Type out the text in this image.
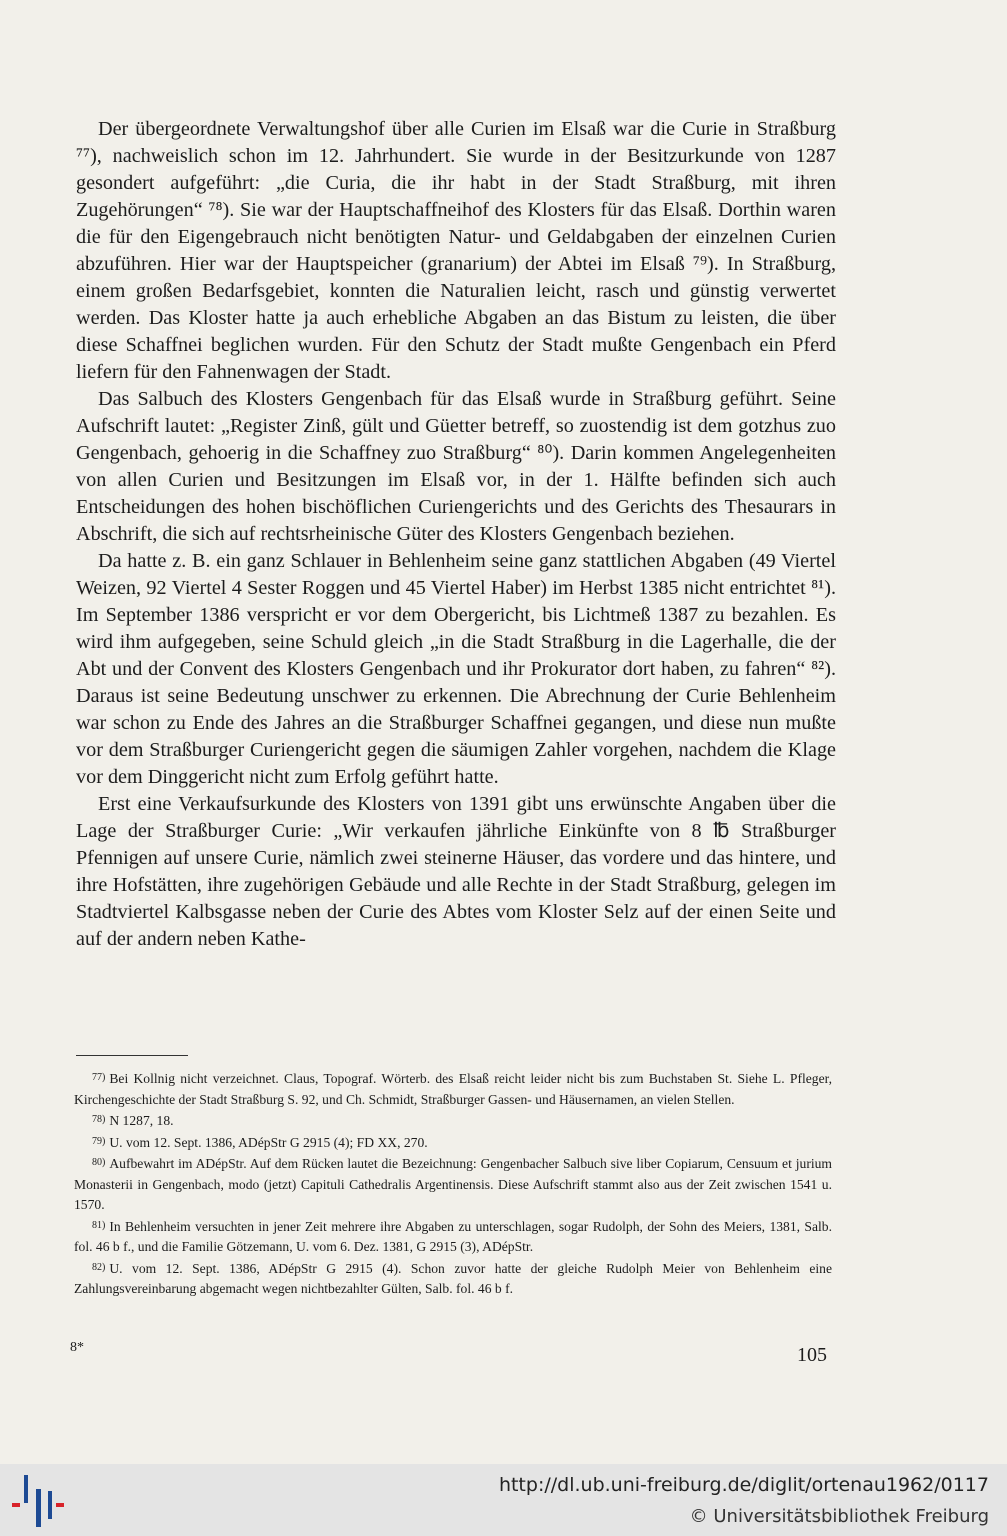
Der übergeordnete Verwaltungshof über alle Curien im Elsaß war die Curie in Straßburg ⁷⁷), nachweislich schon im 12. Jahrhundert. Sie wurde in der Besitzurkunde von 1287 gesondert aufgeführt: „die Curia, die ihr habt in der Stadt Straßburg, mit ihren Zugehörungen“ ⁷⁸). Sie war der Hauptschaffneihof des Klosters für das Elsaß. Dorthin waren die für den Eigengebrauch nicht benötigten Natur- und Geldabgaben der einzelnen Curien abzuführen. Hier war der Hauptspeicher (granarium) der Abtei im Elsaß ⁷⁹). In Straßburg, einem großen Bedarfsgebiet, konnten die Naturalien leicht, rasch und günstig verwertet werden. Das Kloster hatte ja auch erhebliche Abgaben an das Bistum zu leisten, die über diese Schaffnei beglichen wurden. Für den Schutz der Stadt mußte Gengenbach ein Pferd liefern für den Fahnenwagen der Stadt.

Das Salbuch des Klosters Gengenbach für das Elsaß wurde in Straßburg geführt. Seine Aufschrift lautet: „Register Zinß, gült und Güetter betreff, so zuostendig ist dem gotzhus zuo Gengenbach, gehoerig in die Schaffney zuo Straßburg“ ⁸⁰). Darin kommen Angelegenheiten von allen Curien und Besitzungen im Elsaß vor, in der 1. Hälfte befinden sich auch Entscheidungen des hohen bischöflichen Curiengerichts und des Gerichts des Thesaurars in Abschrift, die sich auf rechtsrheinische Güter des Klosters Gengenbach beziehen.

Da hatte z. B. ein ganz Schlauer in Behlenheim seine ganz stattlichen Abgaben (49 Viertel Weizen, 92 Viertel 4 Sester Roggen und 45 Viertel Haber) im Herbst 1385 nicht entrichtet ⁸¹). Im September 1386 verspricht er vor dem Obergericht, bis Lichtmeß 1387 zu bezahlen. Es wird ihm aufgegeben, seine Schuld gleich „in die Stadt Straßburg in die Lagerhalle, die der Abt und der Convent des Klosters Gengenbach und ihr Prokurator dort haben, zu fahren“ ⁸²). Daraus ist seine Bedeutung unschwer zu erkennen. Die Abrechnung der Curie Behlenheim war schon zu Ende des Jahres an die Straßburger Schaffnei gegangen, und diese nun mußte vor dem Straßburger Curiengericht gegen die säumigen Zahler vorgehen, nachdem die Klage vor dem Dinggericht nicht zum Erfolg geführt hatte.

Erst eine Verkaufsurkunde des Klosters von 1391 gibt uns erwünschte Angaben über die Lage der Straßburger Curie: „Wir verkaufen jährliche Einkünfte von 8 ℔ Straßburger Pfennigen auf unsere Curie, nämlich zwei steinerne Häuser, das vordere und das hintere, und ihre Hofstätten, ihre zugehörigen Gebäude und alle Rechte in der Stadt Straßburg, gelegen im Stadtviertel Kalbsgasse neben der Curie des Abtes vom Kloster Selz auf der einen Seite und auf der andern neben Kathe-

$^{77)}$ Bei Kollnig nicht verzeichnet. Claus, Topograf. Wörterb. des Elsaß reicht leider nicht bis zum Buchstaben St. Siehe L. Pfleger, Kirchengeschichte der Stadt Straßburg S. 92, und Ch. Schmidt, Straßburger Gassen- und Häusernamen, an vielen Stellen.

$^{78)}$ N 1287, 18.

$^{79)}$ U. vom 12. Sept. 1386, ADépStr G 2915 (4); FD XX, 270.

$^{80)}$ Aufbewahrt im ADépStr. Auf dem Rücken lautet die Bezeichnung: Gengenbacher Salbuch sive liber Copiarum, Censuum et jurium Monasterii in Gengenbach, modo (jetzt) Capituli Cathedralis Argentinensis. Diese Aufschrift stammt also aus der Zeit zwischen 1541 u. 1570.

$^{81)}$ In Behlenheim versuchten in jener Zeit mehrere ihre Abgaben zu unterschlagen, sogar Rudolph, der Sohn des Meiers, 1381, Salb. fol. 46 b f., und die Familie Götzemann, U. vom 6. Dez. 1381, G 2915 (3), ADépStr.

$^{82)}$ U. vom 12. Sept. 1386, ADépStr G 2915 (4). Schon zuvor hatte der gleiche Rudolph Meier von Behlenheim eine Zahlungsvereinbarung abgemacht wegen nichtbezahlter Gülten, Salb. fol. 46 b f.

8*	105
http://dl.ub.uni-freiburg.de/diglit/ortenau1962/0117
© Universitätsbibliothek Freiburg
